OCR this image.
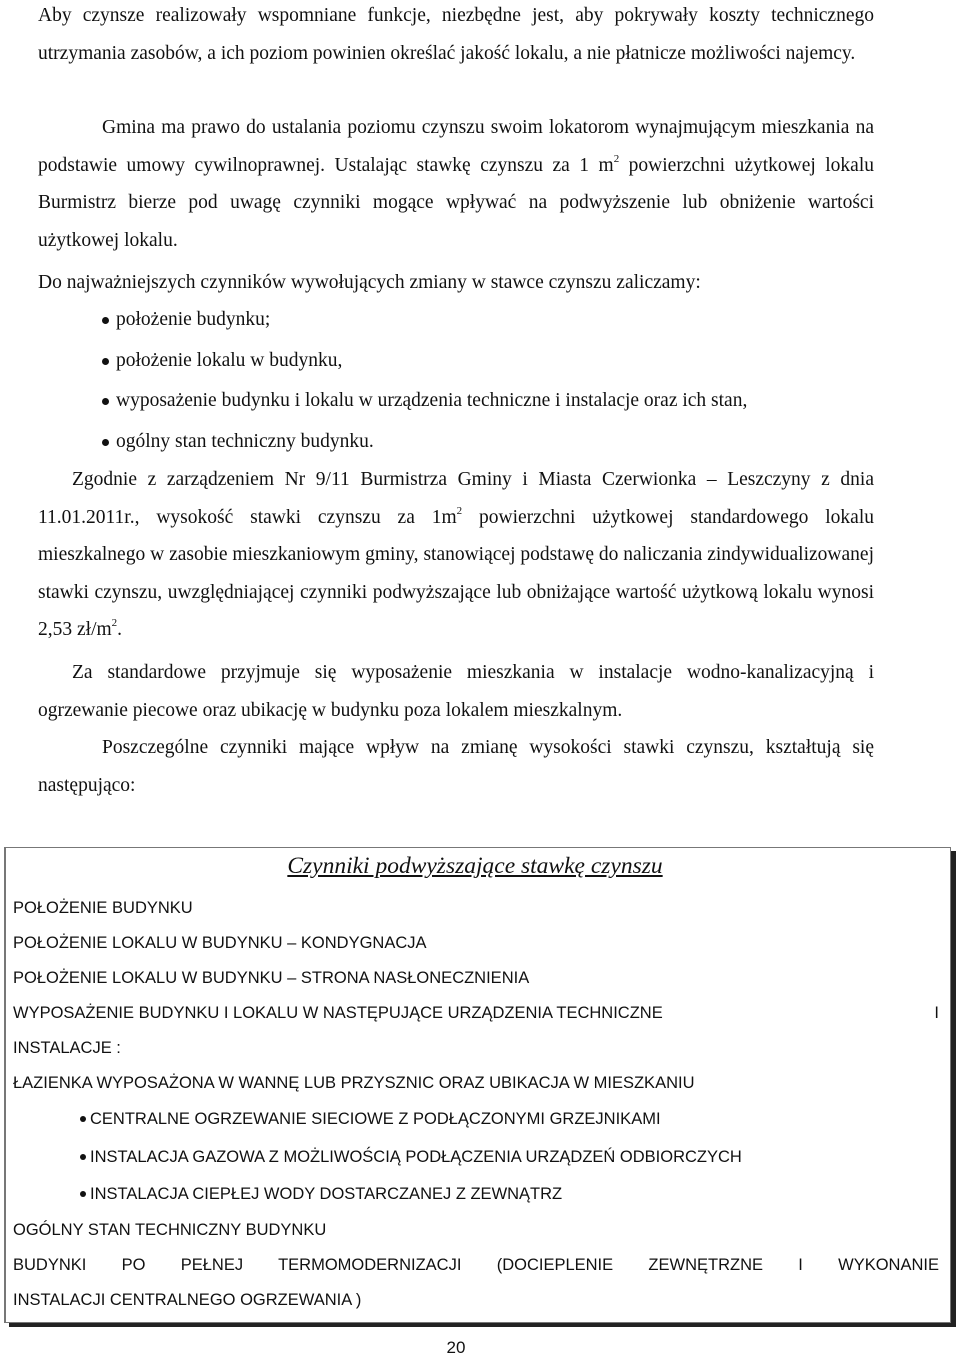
Aby czynsze realizowały wspomniane funkcje, niezbędne jest, aby pokrywały koszty technicznego utrzymania zasobów, a ich poziom powinien określać jakość lokalu, a nie płatnicze możliwości najemcy.

Gmina ma prawo do ustalania poziomu czynszu swoim lokatorom wynajmującym mieszkania na podstawie umowy cywilnoprawnej. Ustalając stawkę czynszu za 1 $m^2$ powierzchni użytkowej lokalu Burmistrz bierze pod uwagę czynniki mogące wpływać na podwyższenie lub obniżenie wartości użytkowej lokalu.

Do najważniejszych czynników wywołujących zmiany w stawce czynszu zaliczamy:

położenie budynku;
położenie lokalu w budynku,
wyposażenie budynku i lokalu w urządzenia techniczne i instalacje oraz ich stan,
ogólny stan techniczny budynku.

Zgodnie z zarządzeniem Nr 9/11 Burmistrza Gminy i Miasta Czerwionka – Leszczyny z dnia 11.01.2011r., wysokość stawki czynszu za $1m^2$ powierzchni użytkowej standardowego lokalu mieszkalnego w zasobie mieszkaniowym gminy, stanowiącej podstawę do naliczania zindywidualizowanej stawki czynszu, uwzględniającej czynniki podwyższające lub obniżające wartość użytkową lokalu wynosi 2,53 $zł/m^2$.

Za standardowe przyjmuje się wyposażenie mieszkania w instalacje wodno-kanalizacyjną i ogrzewanie piecowe oraz ubikację w budynku poza lokalem mieszkalnym.

Poszczególne czynniki mające wpływ na zmianę wysokości stawki czynszu, kształtują się następująco:

Czynniki podwyższające stawkę czynszu

POŁOŻENIE BUDYNKU

POŁOŻENIE LOKALU W BUDYNKU – KONDYGNACJA

POŁOŻENIE LOKALU W BUDYNKU – STRONA NASŁONECZNIENIA

WYPOSAŻENIE BUDYNKU I LOKALU W NASTĘPUJĄCE URZĄDZENIA TECHNICZNE	I

INSTALACJE :

ŁAZIENKA WYPOSAŻONA W WANNĘ LUB PRZYSZNIC ORAZ UBIKACJA W MIESZKANIU

CENTRALNE OGRZEWANIE SIECIOWE Z PODŁĄCZONYMI GRZEJNIKAMI

INSTALACJA GAZOWA Z MOŻLIWOŚCIĄ PODŁĄCZENIA URZĄDZEŃ ODBIORCZYCH

INSTALACJA CIEPŁEJ WODY DOSTARCZANEJ Z ZEWNĄTRZ

OGÓLNY STAN TECHNICZNY BUDYNKU

BUDYNKI PO PEŁNEJ TERMOMODERNIZACJI (DOCIEPLENIE ZEWNĘTRZNE I WYKONANIE

INSTALACJI CENTRALNEGO OGRZEWANIA )

20
